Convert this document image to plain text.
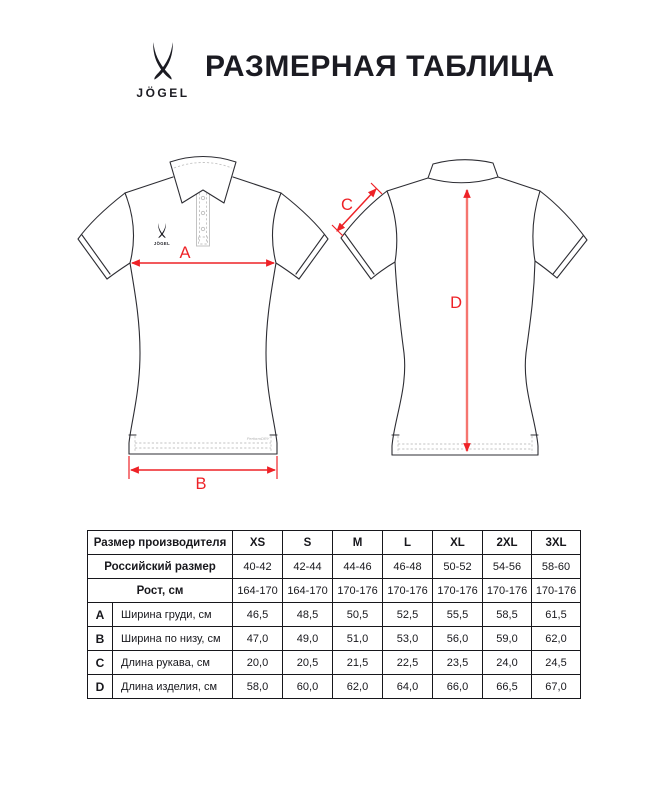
JÖGEL
РАЗМЕРНАЯ ТАБЛИЦА
JÖGEL
PerformDRY
A
B
C
D
Размер производителя		XS	S	M	L	XL	2XL	3XL
Российский размер		40-42	42-44	44-46	46-48	50-52	54-56	58-60
Рост, см		164-170	164-170	170-176	170-176	170-176	170-176	170-176
A	Ширина груди, см	46,5	48,5	50,5	52,5	55,5	58,5	61,5
B	Ширина по низу, см	47,0	49,0	51,0	53,0	56,0	59,0	62,0
C	Длина рукава, см	20,0	20,5	21,5	22,5	23,5	24,0	24,5
D	Длина изделия, см	58,0	60,0	62,0	64,0	66,0	66,5	67,0
